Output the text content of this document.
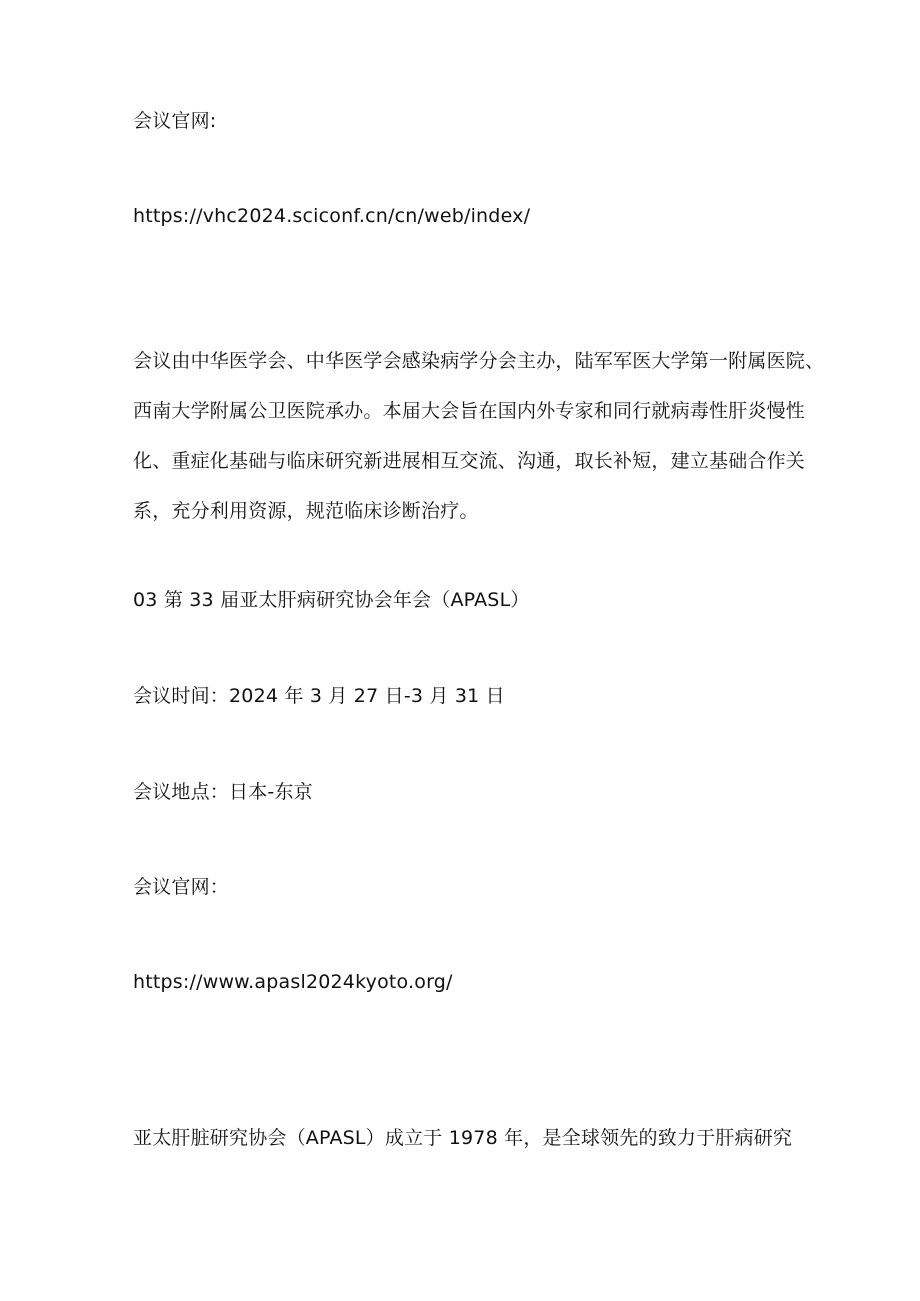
会议官网:
https://vhc2024.sciconf.cn/cn/web/index/
会议由中华医学会、中华医学会感染病学分会主办，陆军军医大学第一附属医院、
西南大学附属公卫医院承办。本届大会旨在国内外专家和同行就病毒性肝炎慢性
化、重症化基础与临床研究新进展相互交流、沟通，取长补短，建立基础合作关
系，充分利用资源，规范临床诊断治疗。
03 第 33 届亚太肝病研究协会年会（APASL）
会议时间：2024 年 3 月 27 日-3 月 31 日
会议地点：日本-东京
会议官网：
https://www.apasl2024kyoto.org/
亚太肝脏研究协会（APASL）成立于 1978 年，是全球领先的致力于肝病研究
